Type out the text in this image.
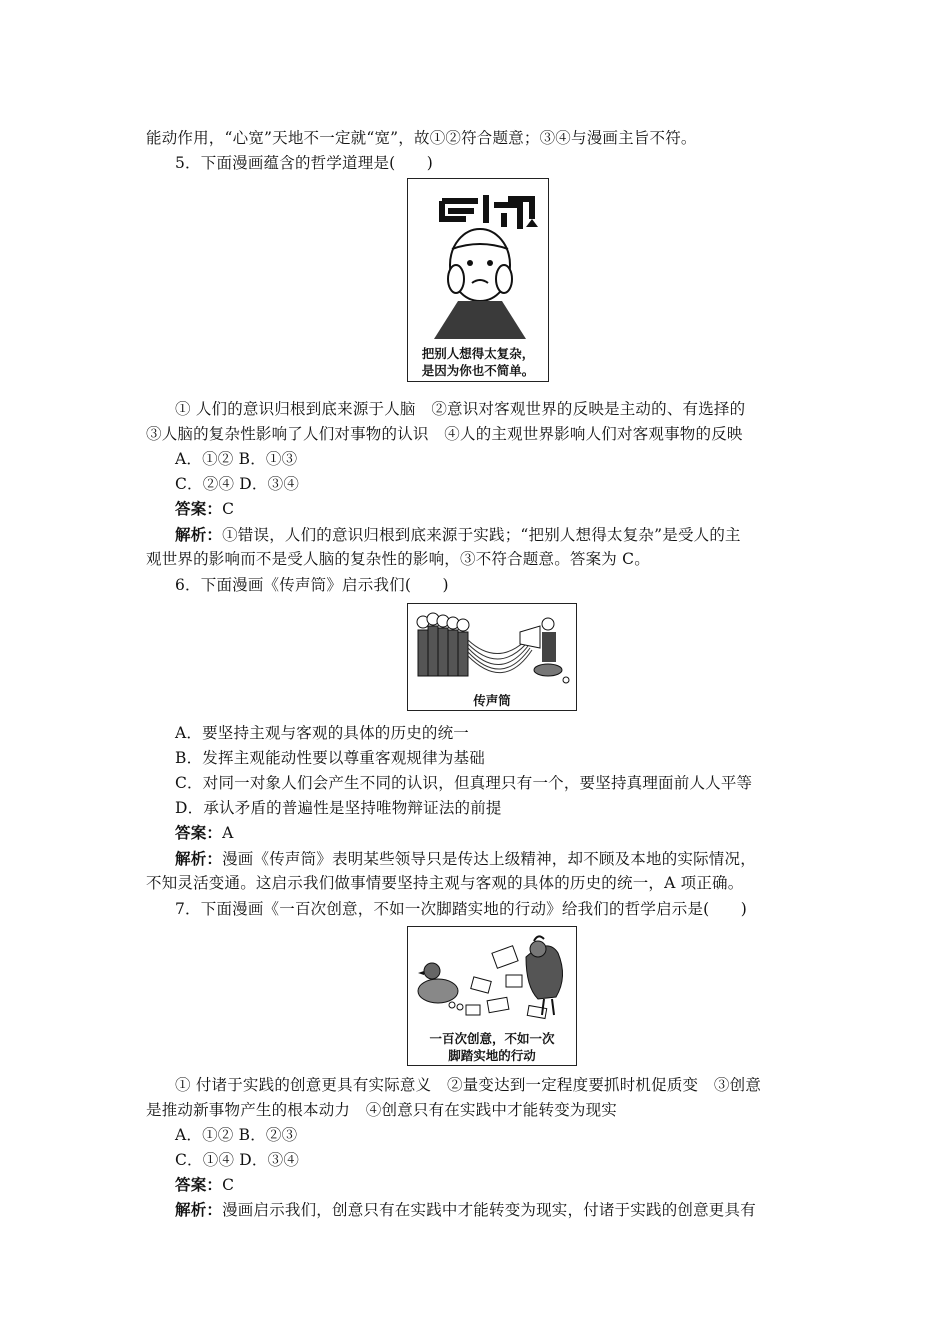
能动作用，“心宽”天地不一定就“宽”，故①②符合题意；③④与漫画主旨不符。
5．下面漫画蕴含的哲学道理是(　　)
把别人想得太复杂，
是因为你也不简单。
① 人们的意识归根到底来源于人脑　②意识对客观世界的反映是主动的、有选择的
③人脑的复杂性影响了人们对事物的认识　④人的主观世界影响人们对客观事物的反映
A．①② B．①③
C．②④ D．③④
答案：C
解析：①错误，人们的意识归根到底来源于实践；“把别人想得太复杂”是受人的主
观世界的影响而不是受人脑的复杂性的影响，③不符合题意。答案为 C。
6．下面漫画《传声筒》启示我们(　　)
传声筒
A．要坚持主观与客观的具体的历史的统一
B．发挥主观能动性要以尊重客观规律为基础
C．对同一对象人们会产生不同的认识，但真理只有一个，要坚持真理面前人人平等
D．承认矛盾的普遍性是坚持唯物辩证法的前提
答案：A
解析：漫画《传声筒》表明某些领导只是传达上级精神，却不顾及本地的实际情况，
不知灵活变通。这启示我们做事情要坚持主观与客观的具体的历史的统一，A 项正确。
7．下面漫画《一百次创意，不如一次脚踏实地的行动》给我们的哲学启示是(　　)
一百次创意，不如一次
脚踏实地的行动
① 付诸于实践的创意更具有实际意义　②量变达到一定程度要抓时机促质变　③创意
是推动新事物产生的根本动力　④创意只有在实践中才能转变为现实
A．①② B．②③
C．①④ D．③④
答案：C
解析：漫画启示我们，创意只有在实践中才能转变为现实，付诸于实践的创意更具有
